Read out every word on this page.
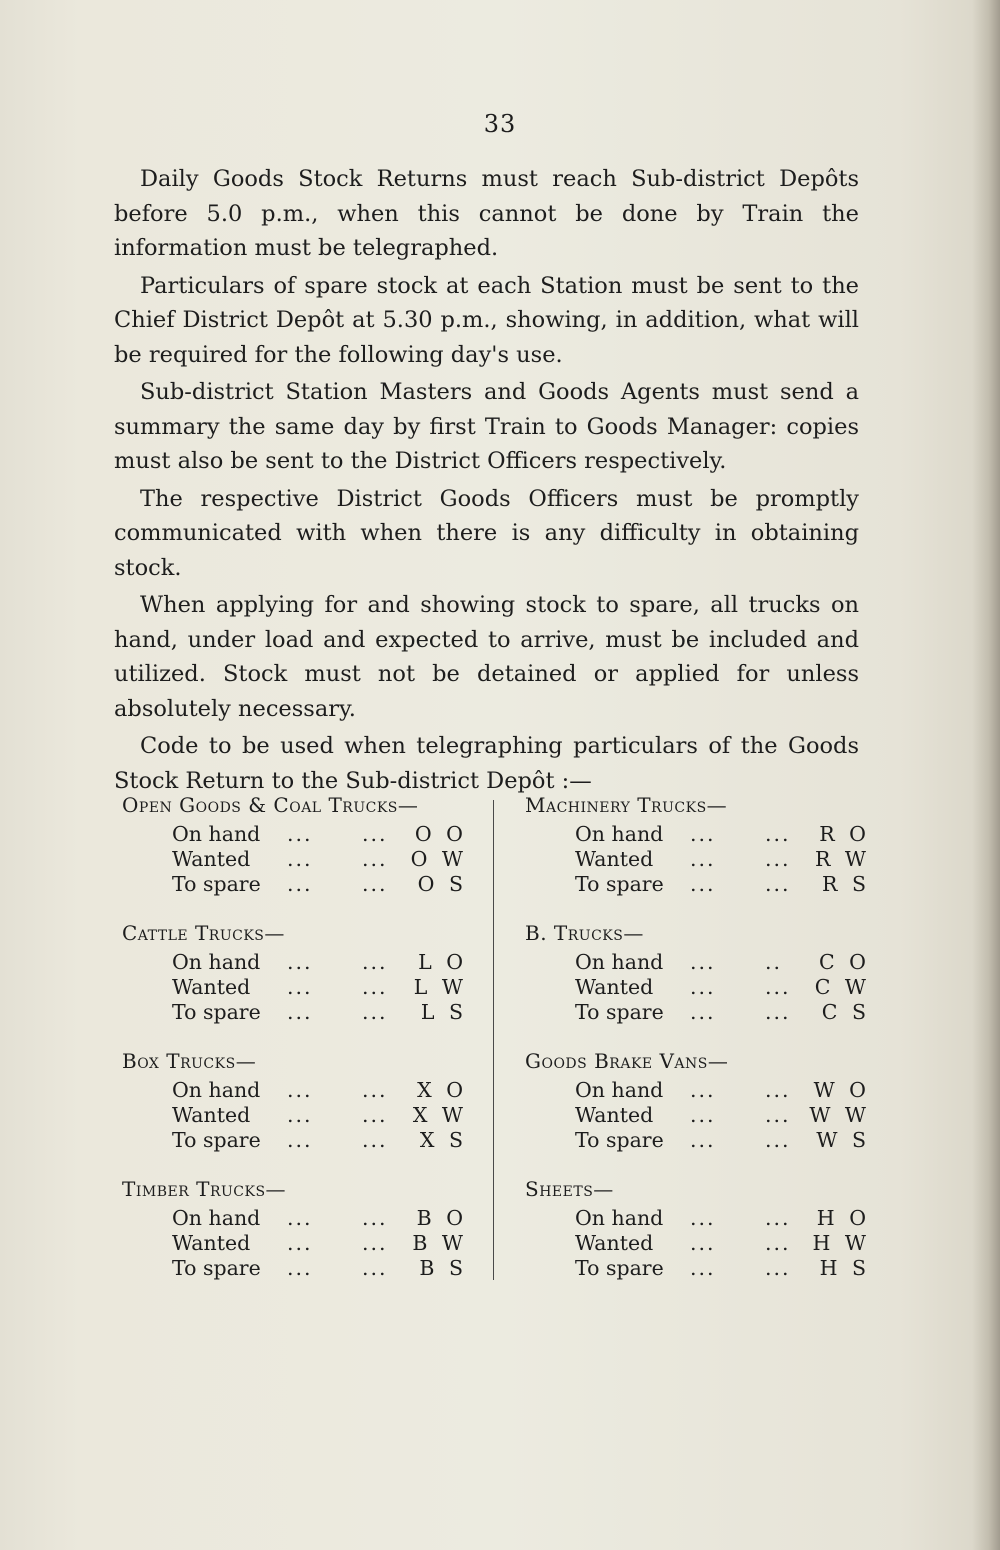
33

Daily Goods Stock Returns must reach Sub-district Depôts before 5.0 p.m., when this cannot be done by Train the information must be telegraphed.

Particulars of spare stock at each Station must be sent to the Chief District Depôt at 5.30 p.m., showing, in addition, what will be required for the following day's use.

Sub-district Station Masters and Goods Agents must send a summary the same day by first Train to Goods Manager: copies must also be sent to the District Officers respectively.

The respective District Goods Officers must be promptly communicated with when there is any difficulty in obtaining stock.

When applying for and showing stock to spare, all trucks on hand, under load and expected to arrive, must be included and utilized. Stock must not be detained or applied for unless absolutely necessary.

Code to be used when telegraphing particulars of the Goods Stock Return to the Sub-district Depôt :—

Open Goods & Coal Trucks—
On hand	...	...	O O
Wanted	...	...	O W
To spare	...	...	O S
Cattle Trucks—
On hand	...	...	L O
Wanted	...	...	L W
To spare	...	...	L S
Box Trucks—
On hand	...	...	X O
Wanted	...	...	X W
To spare	...	...	X S
Timber Trucks—
On hand	...	...	B O
Wanted	...	...	B W
To spare	...	...	B S
Machinery Trucks—
On hand	...	...	R O
Wanted	...	...	R W
To spare	...	...	R S
B. Trucks—
On hand	...	..	C O
Wanted	...	...	C W
To spare	...	...	C S
Goods Brake Vans—
On hand	...	...	W O
Wanted	...	... W W
To spare	...	...	W S
Sheets—
On hand	...	...	H O
Wanted	...	...	H W
To spare	...	...	H S
